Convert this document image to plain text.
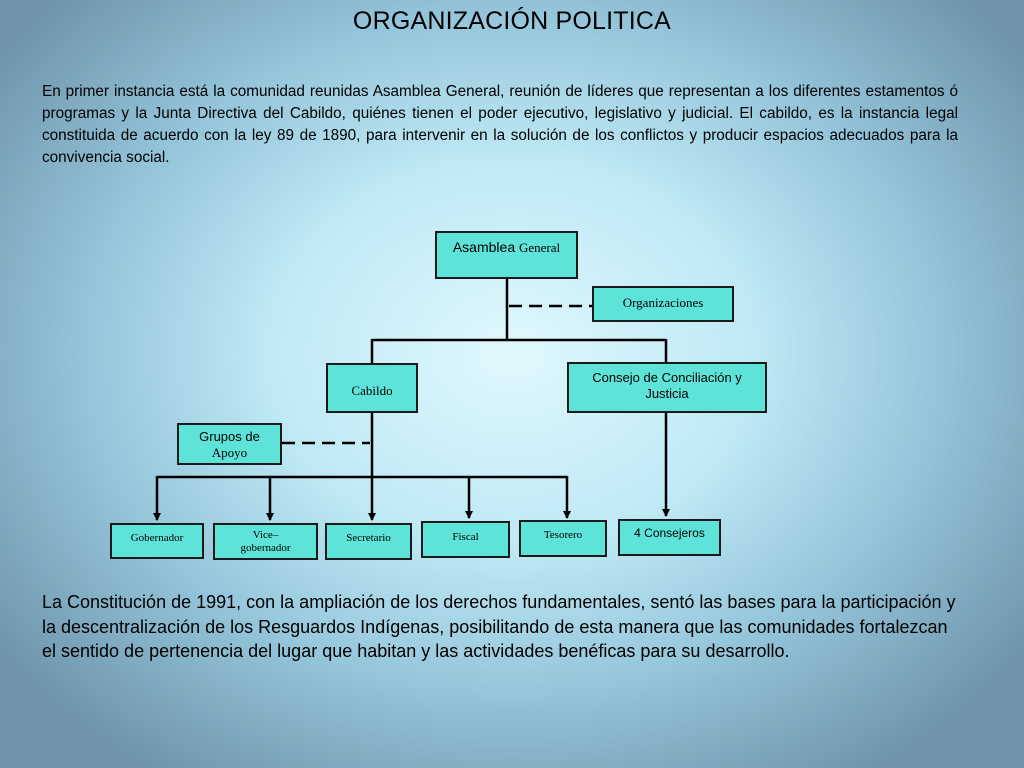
ORGANIZACIÓN POLITICA

En primer instancia está la comunidad reunidas Asamblea General, reunión de líderes que representan a los diferentes estamentos ó programas y la Junta Directiva del Cabildo, quiénes tienen el poder ejecutivo, legislativo y judicial. El cabildo, es la instancia legal constituida de acuerdo con la ley 89 de 1890, para intervenir en la solución de los conflictos y producir espacios adecuados para la convivencia social.

Asamblea General
Organizaciones
Cabildo
Consejo de Conciliación y Justicia
Grupos de
Apoyo
Gobernador	Vice–
gobernador
Secretario	Fiscal	Tesorero	4 Consejeros

La Constitución de 1991, con la ampliación de los derechos fundamentales, sentó las bases para la participación y la descentralización de los Resguardos Indígenas, posibilitando de esta manera que las comunidades fortalezcan el sentido de pertenencia del lugar que habitan y las actividades benéficas para su desarrollo.
